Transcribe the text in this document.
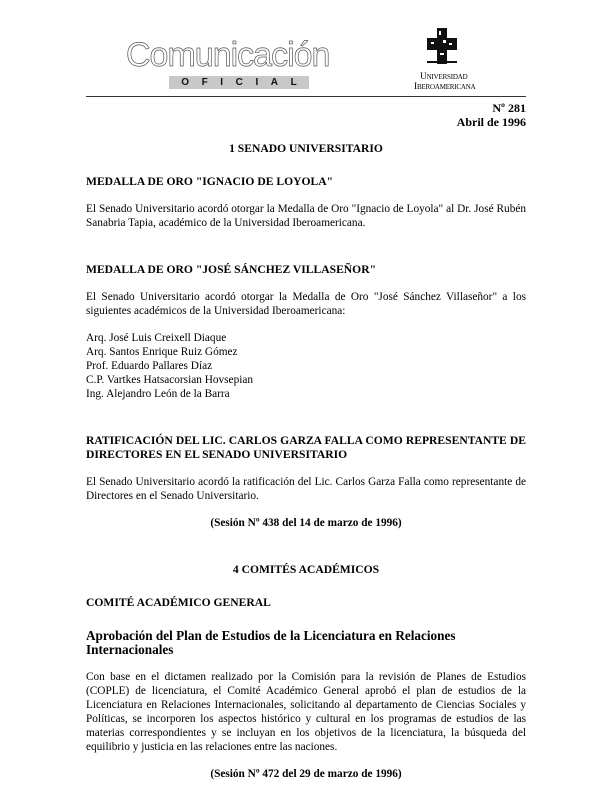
Comunicación
O F I C I A L	Universidad
Iberoamericana
Nº 281
Abril de 1996
1 SENADO UNIVERSITARIO
MEDALLA DE ORO "IGNACIO DE LOYOLA"

El Senado Universitario acordó otorgar la Medalla de Oro "Ignacio de Loyola" al Dr. José Rubén Sanabria Tapia, académico de la Universidad Iberoamericana.

MEDALLA DE ORO "JOSÉ SÁNCHEZ VILLASEÑOR"

El Senado Universitario acordó otorgar la Medalla de Oro "José Sánchez Villaseñor" a los siguientes académicos de la Universidad Iberoamericana:

Arq. José Luis Creixell Diaque
Arq. Santos Enrique Ruiz Gómez
Prof. Eduardo Pallares Díaz
C.P. Vartkes Hatsacorsian Hovsepian
Ing. Alejandro León de la Barra
RATIFICACIÓN DEL LIC. CARLOS GARZA FALLA COMO REPRESENTANTE DE DIRECTORES EN EL SENADO UNIVERSITARIO

El Senado Universitario acordó la ratificación del Lic. Carlos Garza Falla como representante de Directores en el Senado Universitario.

(Sesión Nº 438 del 14 de marzo de 1996)
4 COMITÉS ACADÉMICOS
COMITÉ ACADÉMICO GENERAL
Aprobación del Plan de Estudios de la Licenciatura en Relaciones Internacionales

Con base en el dictamen realizado por la Comisión para la revisión de Planes de Estudios (COPLE) de licenciatura, el Comité Académico General aprobó el plan de estudios de la Licenciatura en Relaciones Internacionales, solicitando al departamento de Ciencias Sociales y Políticas, se incorporen los aspectos histórico y cultural en los programas de estudios de las materias correspondientes y se incluyan en los objetivos de la licenciatura, la búsqueda del equilibrio y justicia en las relaciones entre las naciones.

(Sesión Nº 472 del 29 de marzo de 1996)
